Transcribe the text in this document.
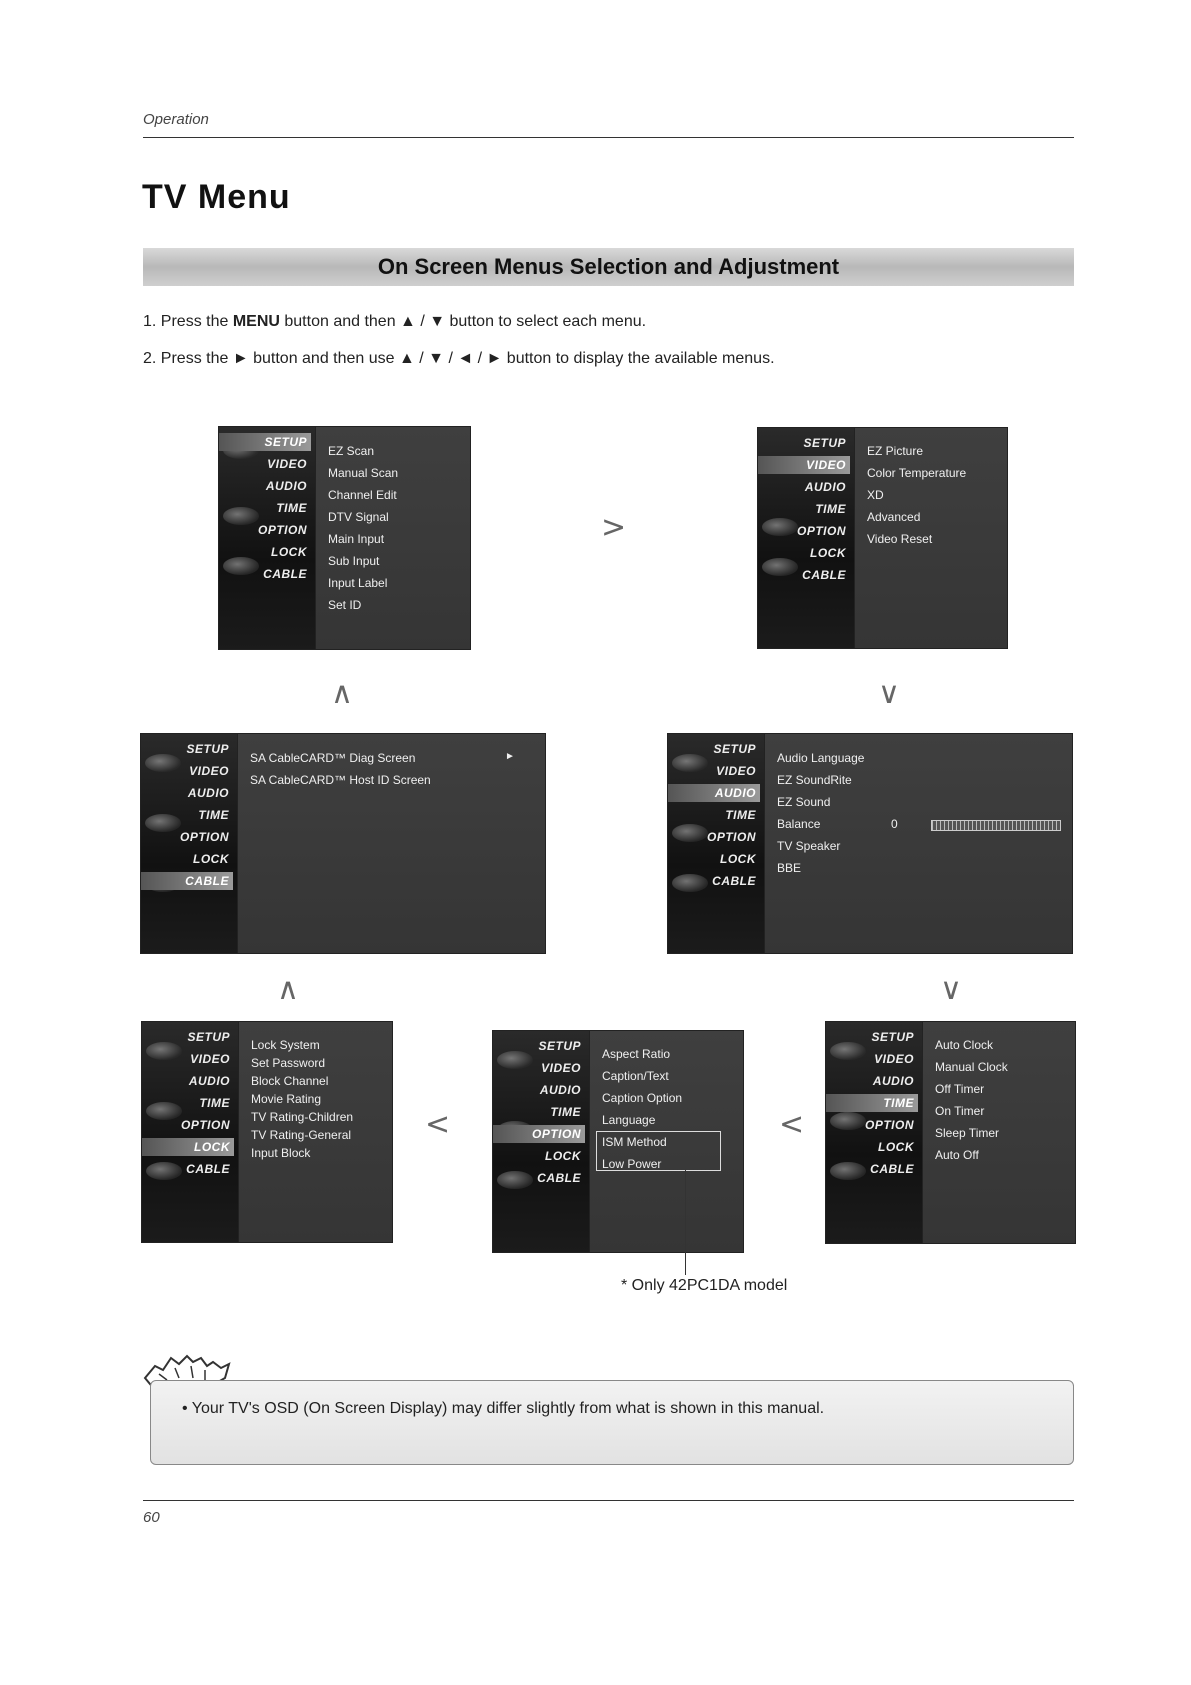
Operation
TV Menu
On Screen Menus Selection and Adjustment
1. Press the MENU button and then ▲ / ▼ button to select each menu.
2. Press the ► button and then use ▲ / ▼ / ◄ / ► button to display the available menus.
SETUP
VIDEO
AUDIO
TIME
OPTION
LOCK
CABLE
EZ Scan
Manual Scan
Channel Edit
DTV Signal
Main Input
Sub Input
Input Label
Set ID
SETUP
VIDEO
AUDIO
TIME
OPTION
LOCK
CABLE
EZ Picture
Color Temperature
XD
Advanced
Video Reset
>
∧	∨
SETUP
VIDEO
AUDIO
TIME
OPTION
LOCK
CABLE
SA CableCARD™ Diag Screen
SA CableCARD™ Host ID Screen
►
SETUP
VIDEO
AUDIO
TIME
OPTION
LOCK
CABLE
Audio Language
EZ SoundRite
EZ Sound
Balance	0
TV Speaker
BBE
∧	∨
SETUP
VIDEO
AUDIO
TIME
OPTION
LOCK
CABLE
Lock System
Set Password
Block Channel
Movie Rating
TV Rating-Children
TV Rating-General
Input Block
<
SETUP
VIDEO
AUDIO
TIME
OPTION
LOCK
CABLE
Aspect Ratio
Caption/Text
Caption Option
Language
ISM Method
Low Power
<
SETUP
VIDEO
AUDIO
TIME
OPTION
LOCK
CABLE
Auto Clock
Manual Clock
Off Timer
On Timer
Sleep Timer
Auto Off
* Only 42PC1DA model
• Your TV's OSD (On Screen Display) may differ slightly from what is shown in this manual.
60
